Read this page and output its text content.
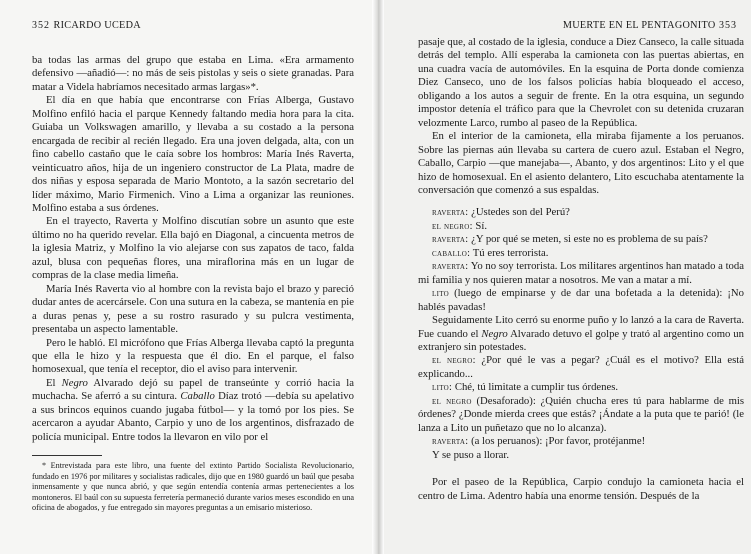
352 RICARDO UCEDA

ba todas las armas del grupo que estaba en Lima. «Era armamento defensivo —añadió—: no más de seis pistolas y seis o siete granadas. Para matar a Videla habríamos necesitado armas largas»*.

El día en que había que encontrarse con Frías Alberga, Gustavo Molfino enfiló hacia el parque Kennedy faltando media hora para la cita. Guiaba un Volkswagen amarillo, y llevaba a su costado a la persona encargada de recibir al recién llegado. Era una joven delgada, alta, con un fino cabello castaño que le caía sobre los hombros: María Inés Raverta, veinticuatro años, hija de un ingeniero constructor de La Plata, madre de dos niñas y esposa separada de Mario Montoto, a la sazón secretario del líder máximo, Mario Firmenich. Vino a Lima a organizar las reuniones. Molfino estaba a sus órdenes.

En el trayecto, Raverta y Molfino discutían sobre un asunto que este último no ha querido revelar. Ella bajó en Diagonal, a cincuenta metros de la iglesia Matriz, y Molfino la vio alejarse con sus zapatos de taco, falda azul, blusa con pequeñas flores, una miraflorina más en un lugar de compras de la clase media limeña.

María Inés Raverta vio al hombre con la revista bajo el brazo y pareció dudar antes de acercársele. Con una sutura en la cabeza, se mantenía en pie a duras penas y, pese a su rostro rasurado y su pulcra vestimenta, presentaba un aspecto lamentable.

Pero le habló. El micrófono que Frías Alberga llevaba captó la pregunta que ella le hizo y la respuesta que él dio. En el parque, el falso homosexual, que tenía el receptor, dio el aviso para intervenir.

El Negro Alvarado dejó su papel de transeúnte y corrió hacia la muchacha. Se aferró a su cintura. Caballo Díaz trotó —debía su apelativo a sus brincos equinos cuando jugaba fútbol— y la tomó por los pies. Se acercaron a ayudar Abanto, Carpio y uno de los argentinos, disfrazado de policía municipal. Entre todos la llevaron en vilo por el

* Entrevistada para este libro, una fuente del extinto Partido Socialista Revolucionario, fundado en 1976 por militares y socialistas radicales, dijo que en 1980 guardó un baúl que pesaba inmensamente y que nunca abrió, y que según entendía contenía armas pertenecientes a los montoneros. El baúl con su supuesta ferretería permaneció durante varios meses escondido en una oficina de abogados, y fue entregado sin mayores preguntas a un emisario misterioso.

MUERTE EN EL PENTAGONITO 353

pasaje que, al costado de la iglesia, conduce a Diez Canseco, la calle situada detrás del templo. Allí esperaba la camioneta con las puertas abiertas, en una cuadra vacía de automóviles. En la esquina de Porta donde comienza Diez Canseco, uno de los falsos policías había bloqueado el acceso, obligando a los autos a seguir de frente. En la otra esquina, un segundo impostor detenía el tráfico para que la Chevrolet con su detenida cruzaran velozmente Larco, rumbo al paseo de la República.

En el interior de la camioneta, ella miraba fijamente a los peruanos. Sobre las piernas aún llevaba su cartera de cuero azul. Estaban el Negro, Caballo, Carpio —que manejaba—, Abanto, y dos argentinos: Lito y el que hizo de homosexual. En el asiento delantero, Lito escuchaba atentamente la conversación que comenzó a sus espaldas.

raverta: ¿Ustedes son del Perú?

el negro: Sí.

raverta: ¿Y por qué se meten, si este no es problema de su país?

caballo: Tú eres terrorista.

raverta: Yo no soy terrorista. Los militares argentinos han matado a toda mi familia y nos quieren matar a nosotros. Me van a matar a mí.

lito (luego de empinarse y de dar una bofetada a la detenida): ¡No hablés pavadas!

Seguidamente Lito cerró su enorme puño y lo lanzó a la cara de Raverta. Fue cuando el Negro Alvarado detuvo el golpe y trató al argentino como un extranjero sin potestades.

el negro: ¿Por qué le vas a pegar? ¿Cuál es el motivo? Ella está explicando...

lito: Ché, tú limitate a cumplir tus órdenes.

el negro (Desaforado): ¿Quién chucha eres tú para hablarme de mis órdenes? ¿Donde mierda crees que estás? ¡Ándate a la puta que te parió! (le lanza a Lito un puñetazo que no lo alcanza).

raverta: (a los peruanos): ¡Por favor, protéjanme!

Y se puso a llorar.

Por el paseo de la República, Carpio condujo la camioneta hacia el centro de Lima. Adentro había una enorme tensión. Después de la
